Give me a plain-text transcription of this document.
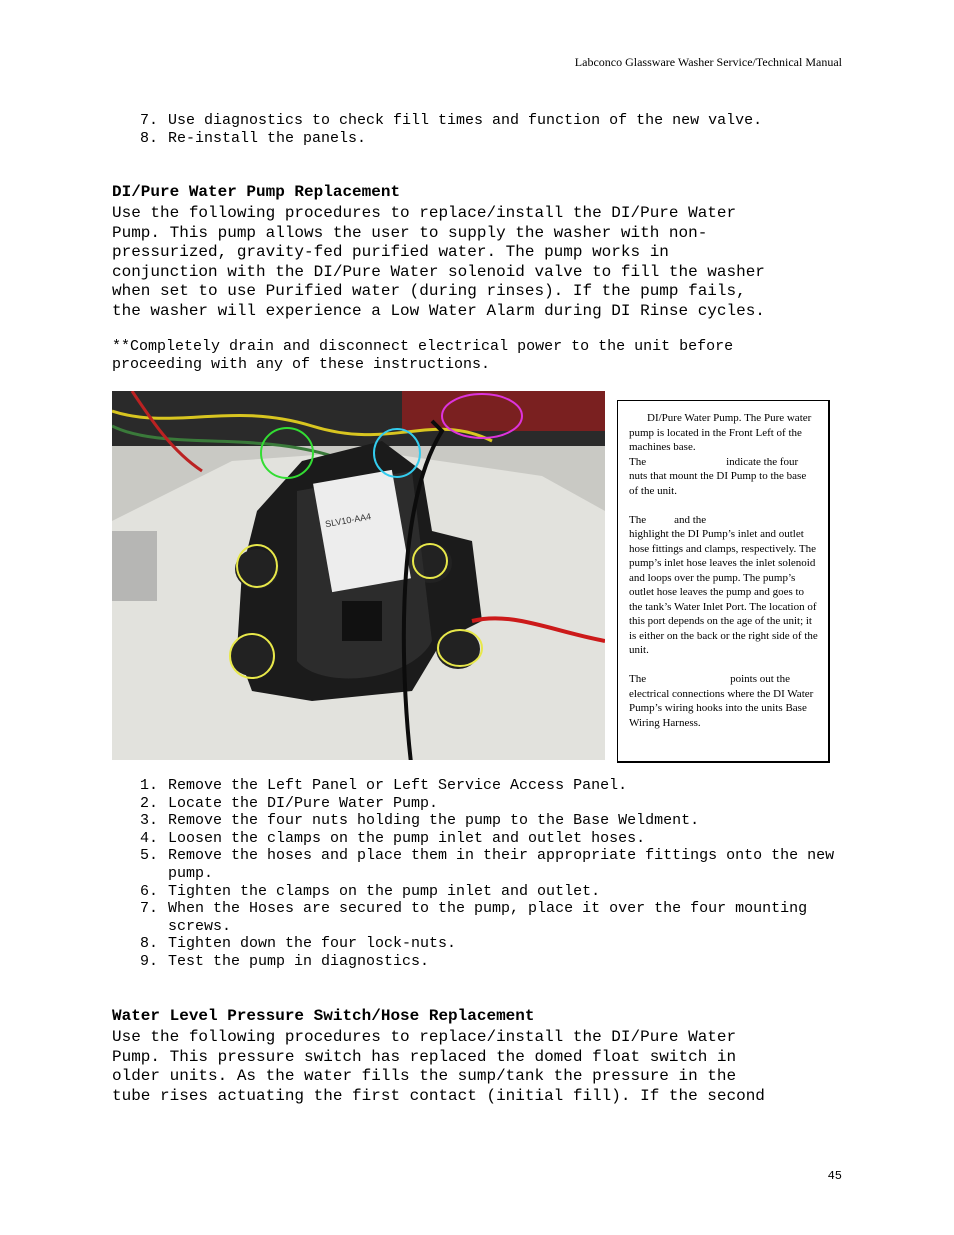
Labconco Glassware Washer Service/Technical Manual
7. Use diagnostics to check fill times and function of the new valve.
8. Re-install the panels.
DI/Pure Water Pump Replacement

Use the following procedures to replace/install the DI/Pure Water
Pump. This pump allows the user to supply the washer with non-
pressurized, gravity-fed purified water. The pump works in
conjunction with the DI/Pure Water solenoid valve to fill the washer
when set to use Purified water (during rinses). If the pump fails,
the washer will experience a Low Water Alarm during DI Rinse cycles.

**Completely drain and disconnect electrical power to the unit before
proceeding with any of these instructions.

SLV10-AA4

DI/Pure Water Pump. The Pure water pump is located in the Front Left of the machines base.
The	indicate the four nuts that mount the DI Pump to the base of the unit.

The	and the
highlight the DI Pump’s inlet and outlet hose fittings and clamps, respectively. The pump’s inlet hose leaves the inlet solenoid and loops over the pump. The pump’s outlet hose leaves the pump and goes to the tank’s Water Inlet Port. The location of this port depends on the age of the unit; it is either on the back or the right side of the unit.

The	points out the electrical connections where the DI Water Pump’s wiring hooks into the units Base Wiring Harness.

1. Remove the Left Panel or Left Service Access Panel.
2. Locate the DI/Pure Water Pump.
3. Remove the four nuts holding the pump to the Base Weldment.
4. Loosen the clamps on the pump inlet and outlet hoses.
5. Remove the hoses and place them in their appropriate fittings onto the new pump.
6. Tighten the clamps on the pump inlet and outlet.
7. When the Hoses are secured to the pump, place it over the four mounting screws.
8. Tighten down the four lock-nuts.
9. Test the pump in diagnostics.
Water Level Pressure Switch/Hose Replacement

Use the following procedures to replace/install the DI/Pure Water
Pump. This pressure switch has replaced the domed float switch in
older units. As the water fills the sump/tank the pressure in the
tube rises actuating the first contact (initial fill). If the second

45
